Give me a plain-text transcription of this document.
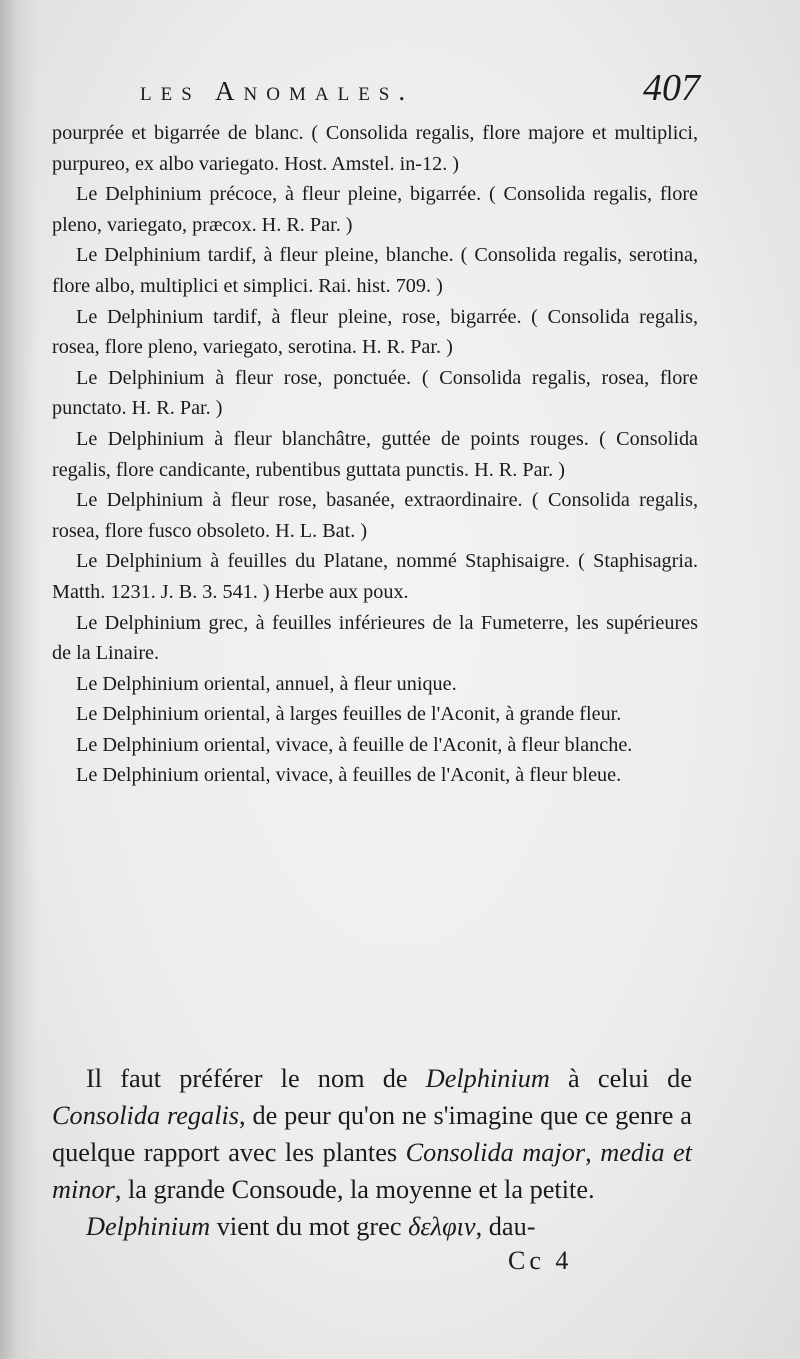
les Anomales.	407

pourprée et bigarrée de blanc. ( Consolida regalis, flore majore et multiplici, purpureo, ex albo variegato. Host. Amstel. in-12. )

Le Delphinium précoce, à fleur pleine, bigarrée. ( Consolida regalis, flore pleno, variegato, præcox. H. R. Par. )

Le Delphinium tardif, à fleur pleine, blanche. ( Consolida regalis, serotina, flore albo, multiplici et simplici. Rai. hist. 709. )

Le Delphinium tardif, à fleur pleine, rose, bigarrée. ( Consolida regalis, rosea, flore pleno, variegato, serotina. H. R. Par. )

Le Delphinium à fleur rose, ponctuée. ( Consolida regalis, rosea, flore punctato. H. R. Par. )

Le Delphinium à fleur blanchâtre, guttée de points rouges. ( Consolida regalis, flore candicante, rubentibus guttata punctis. H. R. Par. )

Le Delphinium à fleur rose, basanée, extraordinaire. ( Consolida regalis, rosea, flore fusco obsoleto. H. L. Bat. )

Le Delphinium à feuilles du Platane, nommé Staphisaigre. ( Staphisagria. Matth. 1231. J. B. 3. 541. ) Herbe aux poux.

Le Delphinium grec, à feuilles inférieures de la Fumeterre, les supérieures de la Linaire.

Le Delphinium oriental, annuel, à fleur unique.

Le Delphinium oriental, à larges feuilles de l'Aconit, à grande fleur.

Le Delphinium oriental, vivace, à feuille de l'Aconit, à fleur blanche.

Le Delphinium oriental, vivace, à feuilles de l'Aconit, à fleur bleue.

Il faut préférer le nom de Delphinium à celui de Consolida regalis, de peur qu'on ne s'imagine que ce genre a quelque rapport avec les plantes Consolida major, media et minor, la grande Consoude, la moyenne et la petite.

Delphinium vient du mot grec δελφιν, dau-

Cc 4
